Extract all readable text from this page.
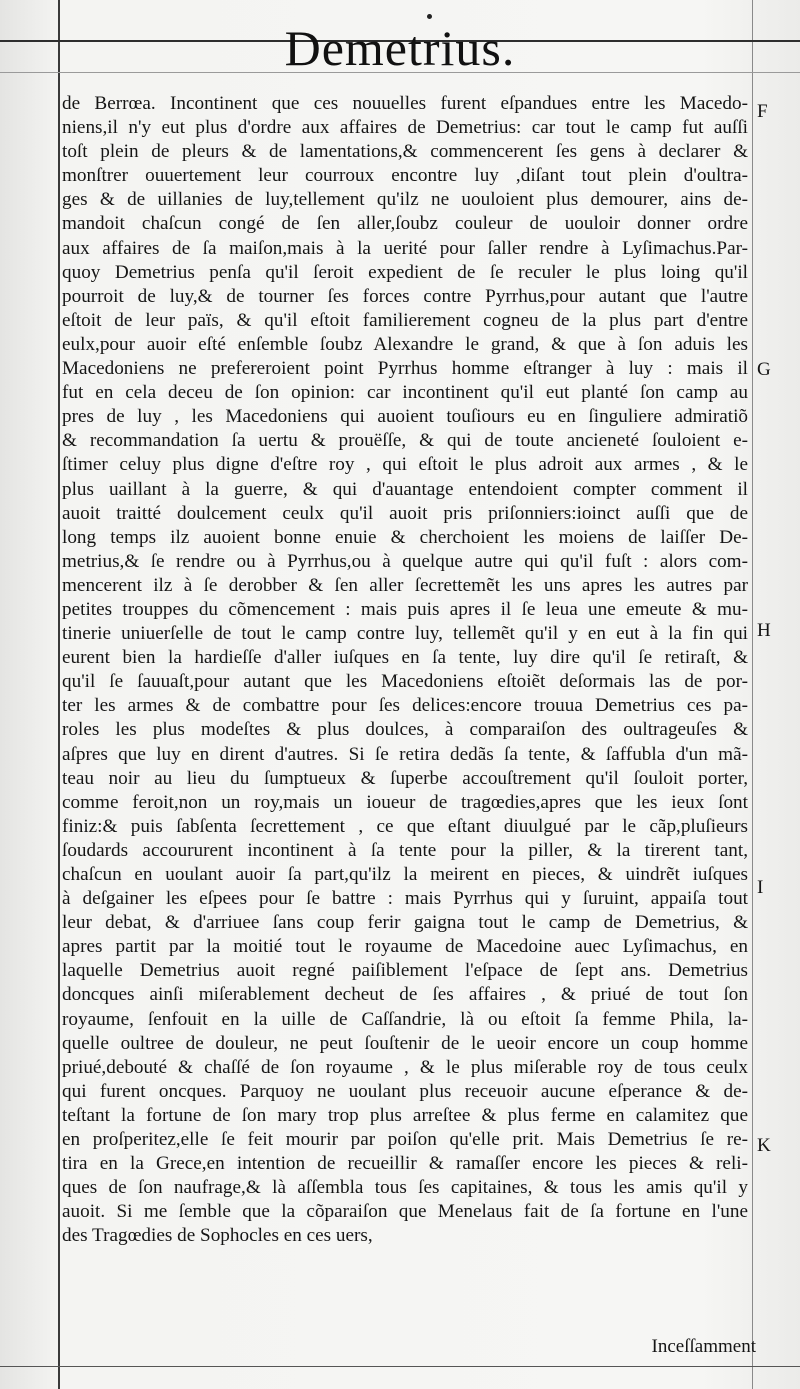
Demetrius.
de Berrœa. Incontinent que ces nouuelles furent eſpandues entre les Macedo-
niens,il n'y eut plus d'ordre aux affaires de Demetrius: car tout le camp fut auſſi
toſt plein de pleurs & de lamentations,& commencerent ſes gens à declarer &
monſtrer ouuertement leur courroux encontre luy ,diſant tout plein d'oultra-
ges & de uillanies de luy,tellement qu'ilz ne uouloient plus demourer, ains de-
mandoit chaſcun congé de ſen aller,ſoubz couleur de uouloir donner ordre
aux affaires de ſa maiſon,mais à la uerité pour ſaller rendre à Lyſimachus.Par-
quoy Demetrius penſa qu'il ſeroit expedient de ſe reculer le plus loing qu'il
pourroit de luy,& de tourner ſes forces contre Pyrrhus,pour autant que l'autre
eſtoit de leur païs, & qu'il eſtoit familierement cogneu de la plus part d'entre
eulx,pour auoir eſté enſemble ſoubz Alexandre le grand, & que à ſon aduis les
Macedoniens ne prefereroient point Pyrrhus homme eſtranger à luy : mais il
fut en cela deceu de ſon opinion: car incontinent qu'il eut planté ſon camp au
pres de luy , les Macedoniens qui auoient touſiours eu en ſinguliere admiratiõ
& recommandation ſa uertu & prouëſſe, & qui de toute ancieneté ſouloient e-
ſtimer celuy plus digne d'eſtre roy , qui eſtoit le plus adroit aux armes , & le
plus uaillant à la guerre, & qui d'auantage entendoient compter comment il
auoit traitté doulcement ceulx qu'il auoit pris priſonniers:ioinct auſſi que de
long temps ilz auoient bonne enuie & cherchoient les moiens de laiſſer De-
metrius,& ſe rendre ou à Pyrrhus,ou à quelque autre qui qu'il fuſt : alors com-
mencerent ilz à ſe derobber & ſen aller ſecrettemẽt les uns apres les autres par
petites trouppes du cõmencement : mais puis apres il ſe leua une emeute & mu-
tinerie uniuerſelle de tout le camp contre luy, tellemẽt qu'il y en eut à la fin qui
eurent bien la hardieſſe d'aller iuſques en ſa tente, luy dire qu'il ſe retiraſt, &
qu'il ſe ſauuaſt,pour autant que les Macedoniens eſtoiẽt deſormais las de por-
ter les armes & de combattre pour ſes delices:encore trouua Demetrius ces pa-
roles les plus modeſtes & plus doulces, à comparaiſon des oultrageuſes &
aſpres que luy en dirent d'autres. Si ſe retira dedãs ſa tente, & ſaffubla d'un mã-
teau noir au lieu du ſumptueux & ſuperbe accouſtrement qu'il ſouloit porter,
comme feroit,non un roy,mais un ioueur de tragœdies,apres que les ieux ſont
finiz:& puis ſabſenta ſecrettement , ce que eſtant diuulgué par le cãp,pluſieurs
ſoudards accoururent incontinent à ſa tente pour la piller, & la tirerent tant,
chaſcun en uoulant auoir ſa part,qu'ilz la meirent en pieces, & uindrẽt iuſques
à deſgainer les eſpees pour ſe battre : mais Pyrrhus qui y ſuruint, appaiſa tout
leur debat, & d'arriuee ſans coup ferir gaigna tout le camp de Demetrius, &
apres partit par la moitié tout le royaume de Macedoine auec Lyſimachus, en
laquelle Demetrius auoit regné paiſiblement l'eſpace de ſept ans. Demetrius
doncques ainſi miſerablement decheut de ſes affaires , & priué de tout ſon
royaume, ſenfouit en la uille de Caſſandrie, là ou eſtoit ſa femme Phila, la-
quelle oultree de douleur, ne peut ſouſtenir de le ueoir encore un coup homme
priué,debouté & chaſſé de ſon royaume , & le plus miſerable roy de tous ceulx
qui furent oncques. Parquoy ne uoulant plus receuoir aucune eſperance & de-
teſtant la fortune de ſon mary trop plus arreſtee & plus ferme en calamitez que
en proſperitez,elle ſe feit mourir par poiſon qu'elle prit. Mais Demetrius ſe re-
tira en la Grece,en intention de recueillir & ramaſſer encore les pieces & reli-
ques de ſon naufrage,& là aſſembla tous ſes capitaines, & tous les amis qu'il y
auoit. Si me ſemble que la cõparaiſon que Menelaus fait de ſa fortune en l'une
des Tragœdies de Sophocles en ces uers,
F
G
H
I
K
Inceſſamment
